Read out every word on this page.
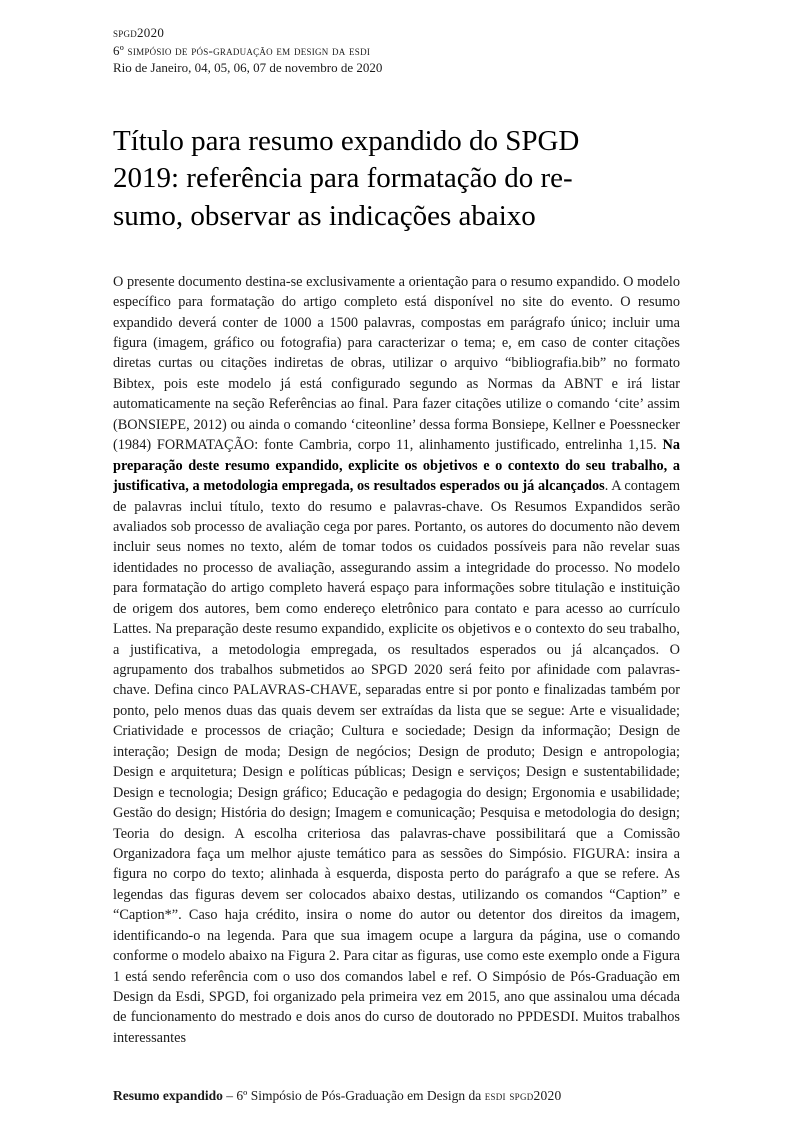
spgd2020
6º simpósio de pós-graduação em design da esdi
Rio de Janeiro, 04, 05, 06, 07 de novembro de 2020
Título para resumo expandido do SPGD
2019: referência para formatação do re-
sumo, observar as indicações abaixo

O presente documento destina-se exclusivamente a orientação para o resumo expandido. O modelo específico para formatação do artigo completo está disponível no site do evento. O resumo expandido deverá conter de 1000 a 1500 palavras, compostas em parágrafo único; incluir uma figura (imagem, gráfico ou fotografia) para caracterizar o tema; e, em caso de conter citações diretas curtas ou citações indiretas de obras, utilizar o arquivo “bibliografia.bib” no formato Bibtex, pois este modelo já está configurado segundo as Normas da ABNT e irá listar automaticamente na seção Referências ao final. Para fazer citações utilize o comando ‘cite’ assim (BONSIEPE, 2012) ou ainda o comando ‘citeonline’ dessa forma Bonsiepe, Kellner e Poessnecker (1984) FORMATAÇÃO: fonte Cambria, corpo 11, alinhamento justificado, entrelinha 1,15. Na preparação deste resumo expandido, explicite os objetivos e o contexto do seu trabalho, a justificativa, a metodologia empregada, os resultados esperados ou já alcançados. A contagem de palavras inclui título, texto do resumo e palavras-chave. Os Resumos Expandidos serão avaliados sob processo de avaliação cega por pares. Portanto, os autores do documento não devem incluir seus nomes no texto, além de tomar todos os cuidados possíveis para não revelar suas identidades no processo de avaliação, assegurando assim a integridade do processo. No modelo para formatação do artigo completo haverá espaço para informações sobre titulação e instituição de origem dos autores, bem como endereço eletrônico para contato e para acesso ao currículo Lattes. Na preparação deste resumo expandido, explicite os objetivos e o contexto do seu trabalho, a justificativa, a metodologia empregada, os resultados esperados ou já alcançados. O agrupamento dos trabalhos submetidos ao SPGD 2020 será feito por afinidade com palavras-chave. Defina cinco PALAVRAS-CHAVE, separadas entre si por ponto e finalizadas também por ponto, pelo menos duas das quais devem ser extraídas da lista que se segue: Arte e visualidade; Criatividade e processos de criação; Cultura e sociedade; Design da informação; Design de interação; Design de moda; Design de negócios; Design de produto; Design e antropologia; Design e arquitetura; Design e políticas públicas; Design e serviços; Design e sustentabilidade; Design e tecnologia; Design gráfico; Educação e pedagogia do design; Ergonomia e usabilidade; Gestão do design; História do design; Imagem e comunicação; Pesquisa e metodologia do design; Teoria do design. A escolha criteriosa das palavras-chave possibilitará que a Comissão Organizadora faça um melhor ajuste temático para as sessões do Simpósio. FIGURA: insira a figura no corpo do texto; alinhada à esquerda, disposta perto do parágrafo a que se refere. As legendas das figuras devem ser colocados abaixo destas, utilizando os comandos “Caption” e “Caption*”. Caso haja crédito, insira o nome do autor ou detentor dos direitos da imagem, identificando-o na legenda. Para que sua imagem ocupe a largura da página, use o comando conforme o modelo abaixo na Figura 2. Para citar as figuras, use como este exemplo onde a Figura 1 está sendo referência com o uso dos comandos label e ref. O Simpósio de Pós-Graduação em Design da Esdi, SPGD, foi organizado pela primeira vez em 2015, ano que assinalou uma década de funcionamento do mestrado e dois anos do curso de doutorado no PPDESDI. Muitos trabalhos interessantes

Resumo expandido – 6º Simpósio de Pós-Graduação em Design da esdi spgd2020
